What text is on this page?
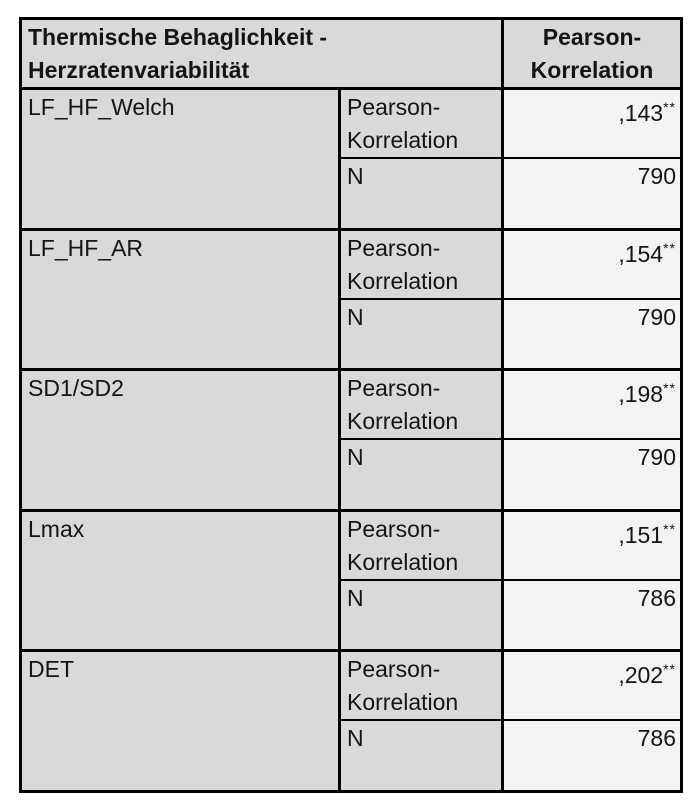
Thermische Behaglichkeit - Herzratenvariabilität		Pearson-Korrelation
LF_HF_Welch	Pearson-Korrelation	,143**
	N	790
LF_HF_AR	Pearson-Korrelation	,154**
	N	790
SD1/SD2	Pearson-Korrelation	,198**
	N	790
Lmax	Pearson-Korrelation	,151**
	N	786
DET	Pearson-Korrelation	,202**
	N	786
